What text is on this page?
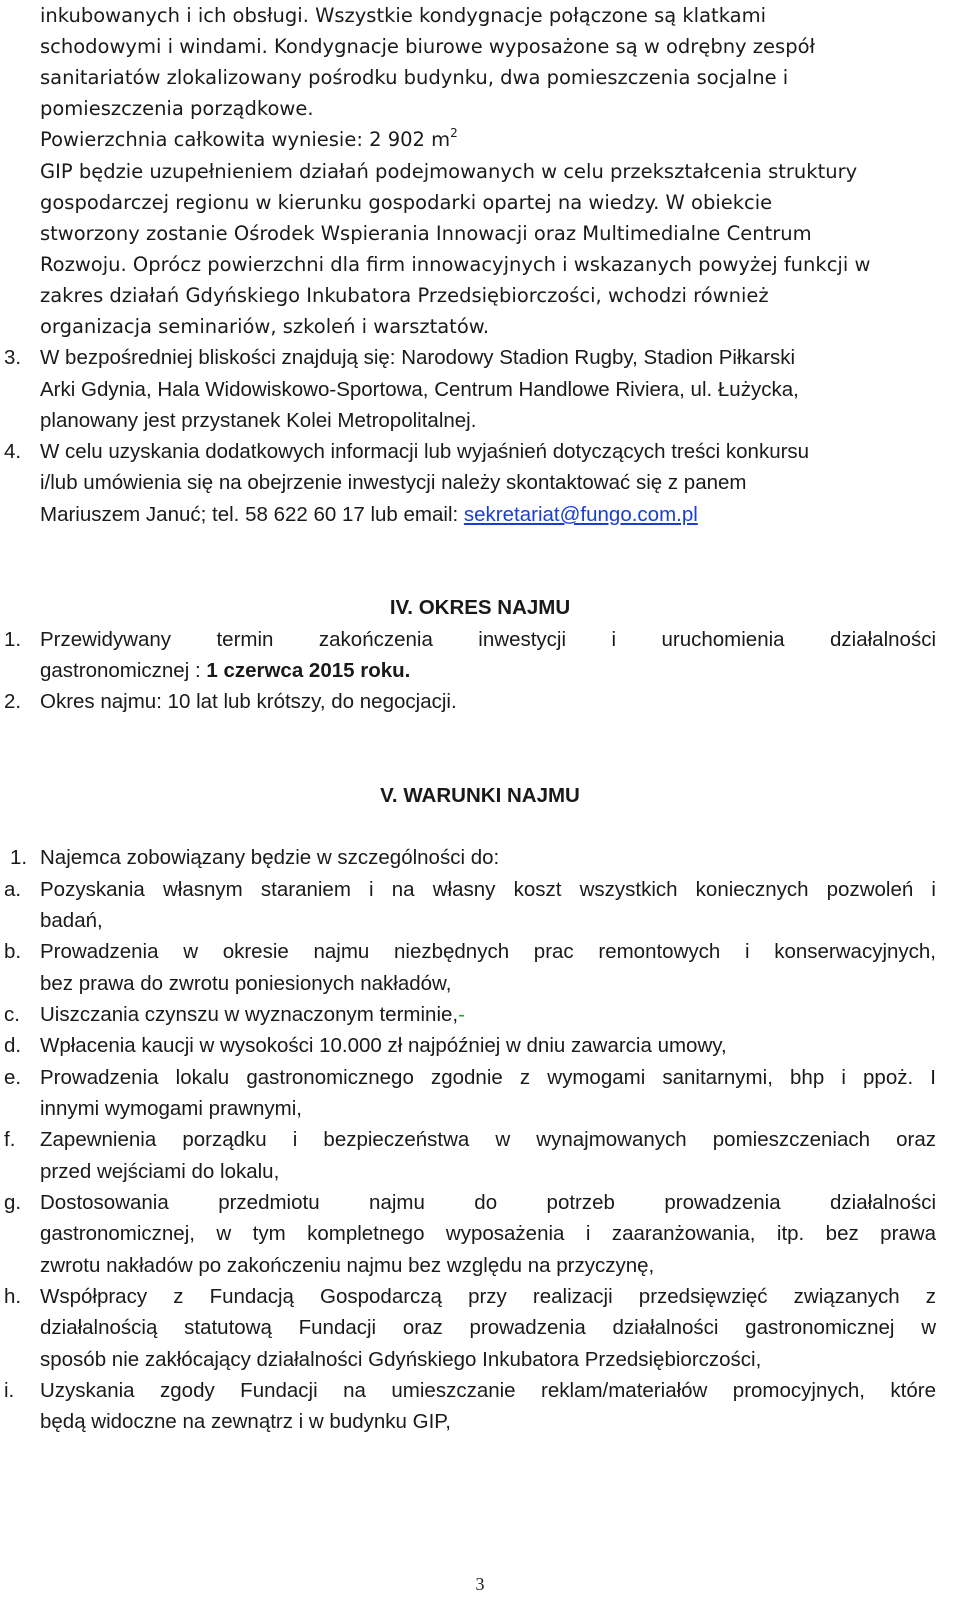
inkubowanych i ich obsługi. Wszystkie kondygnacje połączone są klatkami
schodowymi i windami. Kondygnacje biurowe wyposażone są w odrębny zespół
sanitariatów zlokalizowany pośrodku budynku, dwa pomieszczenia socjalne i
pomieszczenia porządkowe.
Powierzchnia całkowita wyniesie: 2 902 $m^2$
GIP będzie uzupełnieniem działań podejmowanych w celu przekształcenia struktury
gospodarczej regionu w kierunku gospodarki opartej na wiedzy. W obiekcie
stworzony zostanie Ośrodek Wspierania Innowacji oraz Multimedialne Centrum
Rozwoju. Oprócz powierzchni dla firm innowacyjnych i wskazanych powyżej funkcji w
zakres działań Gdyńskiego Inkubatora Przedsiębiorczości, wchodzi również
organizacja seminariów, szkoleń i warsztatów.
3. W bezpośredniej bliskości znajdują się: Narodowy Stadion Rugby, Stadion Piłkarski
Arki Gdynia, Hala Widowiskowo-Sportowa, Centrum Handlowe Riviera, ul. Łużycka,
planowany jest przystanek Kolei Metropolitalnej.
4. W celu uzyskania dodatkowych informacji lub wyjaśnień dotyczących treści konkursu
i/lub umówienia się na obejrzenie inwestycji należy skontaktować się z panem
Mariuszem Januć; tel. 58 622 60 17 lub email: sekretariat@fungo.com.pl
IV. OKRES NAJMU
1. Przewidywany termin zakończenia inwestycji i uruchomienia działalności
gastronomicznej : 1 czerwca 2015 roku.
2. Okres najmu: 10 lat lub krótszy, do negocjacji.
V. WARUNKI NAJMU
1. Najemca zobowiązany będzie w szczególności do:
a. Pozyskania własnym staraniem i na własny koszt wszystkich koniecznych pozwoleń i
badań,
b. Prowadzenia w okresie najmu niezbędnych prac remontowych i konserwacyjnych,
bez prawa do zwrotu poniesionych nakładów,
c. Uiszczania czynszu w wyznaczonym terminie,-
d. Wpłacenia kaucji w wysokości 10.000 zł najpóźniej w dniu zawarcia umowy,
e. Prowadzenia lokalu gastronomicznego zgodnie z wymogami sanitarnymi, bhp i ppoż. I
innymi wymogami prawnymi,
f.	Zapewnienia porządku i bezpieczeństwa w wynajmowanych pomieszczeniach oraz
przed wejściami do lokalu,
g. Dostosowania przedmiotu najmu do potrzeb prowadzenia działalności
gastronomicznej, w tym kompletnego wyposażenia i zaaranżowania, itp. bez prawa
zwrotu nakładów po zakończeniu najmu bez względu na przyczynę,
h. Współpracy z Fundacją Gospodarczą przy realizacji przedsięwzięć związanych z
działalnością statutową Fundacji oraz prowadzenia działalności gastronomicznej w
sposób nie zakłócający działalności Gdyńskiego Inkubatora Przedsiębiorczości,
i.	Uzyskania zgody Fundacji na umieszczanie reklam/materiałów promocyjnych, które
będą widoczne na zewnątrz i w budynku GIP,
3
